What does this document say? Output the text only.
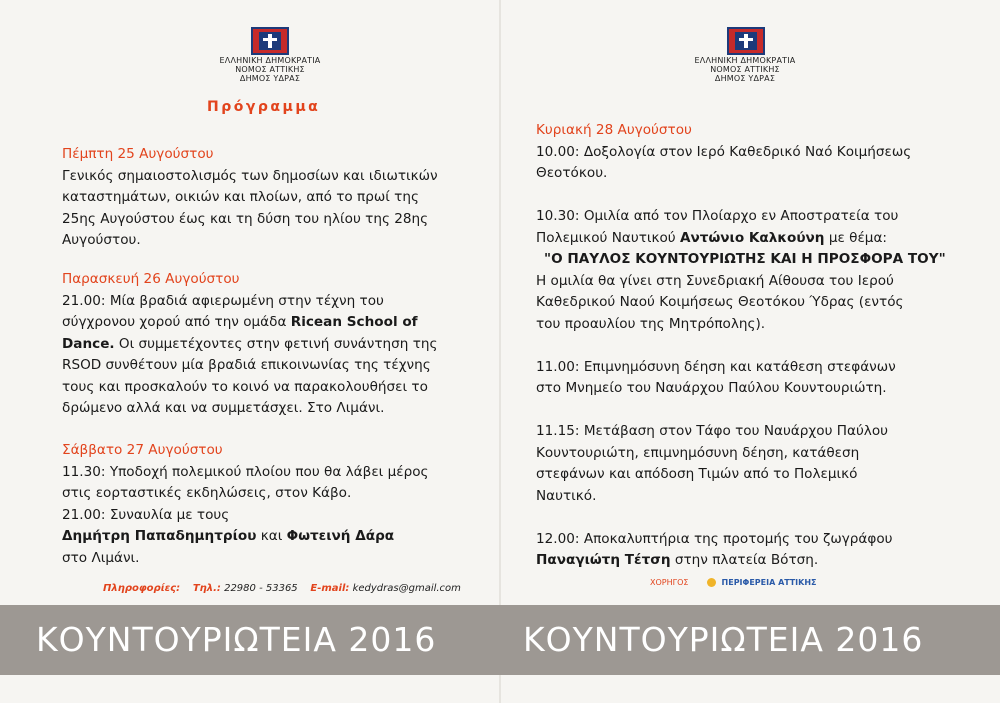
ΕΛΛΗΝΙΚΗ ΔΗΜΟΚΡΑΤΙΑ
ΝΟΜΟΣ ΑΤΤΙΚΗΣ
ΔΗΜΟΣ ΥΔΡΑΣ
ΕΛΛΗΝΙΚΗ ΔΗΜΟΚΡΑΤΙΑ
ΝΟΜΟΣ ΑΤΤΙΚΗΣ
ΔΗΜΟΣ ΥΔΡΑΣ
Πρόγραμμα

Πέμπτη 25 Αυγούστου

Γενικός σημαιοστολισμός των δημοσίων και ιδιωτικών

καταστημάτων, οικιών και πλοίων, από το πρωί της

25ης Αυγούστου έως και τη δύση του ηλίου της 28ης

Αυγούστου.

Παρασκευή 26 Αυγούστου

21.00: Μία βραδιά αφιερωμένη στην τέχνη του

σύγχρονου χορού από την ομάδα Ricean School of

Dance. Οι συμμετέχοντες στην φετινή συνάντηση της

RSOD συνθέτουν μία βραδιά επικοινωνίας της τέχνης

τους και προσκαλούν το κοινό να παρακολουθήσει το

δρώμενο αλλά και να συμμετάσχει. Στο Λιμάνι.

Σάββατο 27 Αυγούστου

11.30: Υποδοχή πολεμικού πλοίου που θα λάβει μέρος

στις εορταστικές εκδηλώσεις, στον Κάβο.

21.00: Συναυλία με τους

Δημήτρη Παπαδημητρίου και Φωτεινή Δάρα

στο Λιμάνι.

Πληροφορίες: Τηλ.: 22980 - 53365 E-mail: kedydras@gmail.com

Κυριακή 28 Αυγούστου

10.00: Δοξολογία στον Ιερό Καθεδρικό Ναό Κοιμήσεως

Θεοτόκου.

10.30: Ομιλία από τον Πλοίαρχο εν Αποστρατεία του

Πολεμικού Ναυτικού Αντώνιο Καλκούνη με θέμα:

"Ο ΠΑΥΛΟΣ ΚΟΥΝΤΟΥΡΙΩΤΗΣ ΚΑΙ Η ΠΡΟΣΦΟΡΑ ΤΟΥ"

Η ομιλία θα γίνει στη Συνεδριακή Αίθουσα του Ιερού

Καθεδρικού Ναού Κοιμήσεως Θεοτόκου Ύδρας (εντός

του προαυλίου της Μητρόπολης).

11.00: Επιμνημόσυνη δέηση και κατάθεση στεφάνων

στο Μνημείο του Ναυάρχου Παύλου Κουντουριώτη.

11.15: Μετάβαση στον Τάφο του Ναυάρχου Παύλου

Κουντουριώτη, επιμνημόσυνη δέηση, κατάθεση

στεφάνων και απόδοση Τιμών από το Πολεμικό

Ναυτικό.

12.00: Αποκαλυπτήρια της προτομής του ζωγράφου

Παναγιώτη Τέτση στην πλατεία Βότση.

ΧΟΡΗΓΟΣ	ΠΕΡΙΦΕΡΕΙΑ ΑΤΤΙΚΗΣ
ΚΟΥΝΤΟΥΡΙΩΤΕΙΑ 2016	ΚΟΥΝΤΟΥΡΙΩΤΕΙΑ 2016
